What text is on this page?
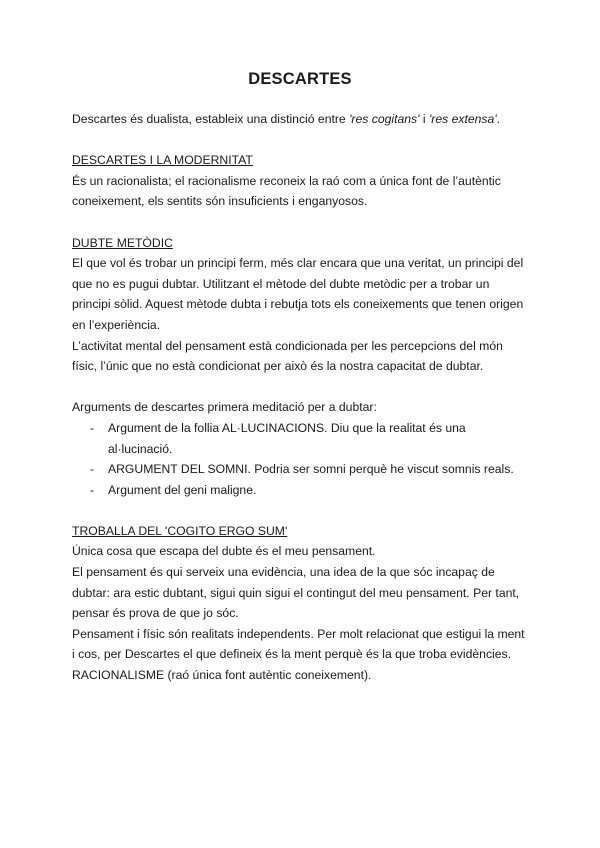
DESCARTES

Descartes és dualista, estableix una distinció entre 'res cogitans' i 'res extensa'.

DESCARTES I LA MODERNITAT

És un racionalista; el racionalisme reconeix la raó com a única font de l’autèntic coneixement, els sentits són insuficients i enganyosos.

DUBTE METÒDIC

El que vol és trobar un principi ferm, més clar encara que una veritat, un principi del que no es pugui dubtar. Utilitzant el mètode del dubte metòdic per a trobar un principi sòlid. Aquest mètode dubta i rebutja tots els coneixements que tenen origen en l’experiència.

L’activitat mental del pensament està condicionada per les percepcions del món físic, l’únic que no està condicionat per això és la nostra capacitat de dubtar.

Arguments de descartes primera meditació per a dubtar:

- Argument de la follia AL·LUCINACIONS. Diu que la realitat és una al·lucinació.
- ARGUMENT DEL SOMNI. Podria ser somni perquè he viscut somnis reals.
- Argument del geni maligne.

TROBALLA DEL 'COGITO ERGO SUM'

Única cosa que escapa del dubte és el meu pensament.

El pensament és qui serveix una evidència, una idea de la que sóc incapaç de dubtar: ara estic dubtant, sigui quin sigui el contingut del meu pensament. Per tant, pensar és prova de que jo sóc.

Pensament i físic són realitats independents. Per molt relacionat que estigui la ment i cos, per Descartes el que defineix és la ment perquè és la que troba evidències.

RACIONALISME (raó única font autèntic coneixement).
